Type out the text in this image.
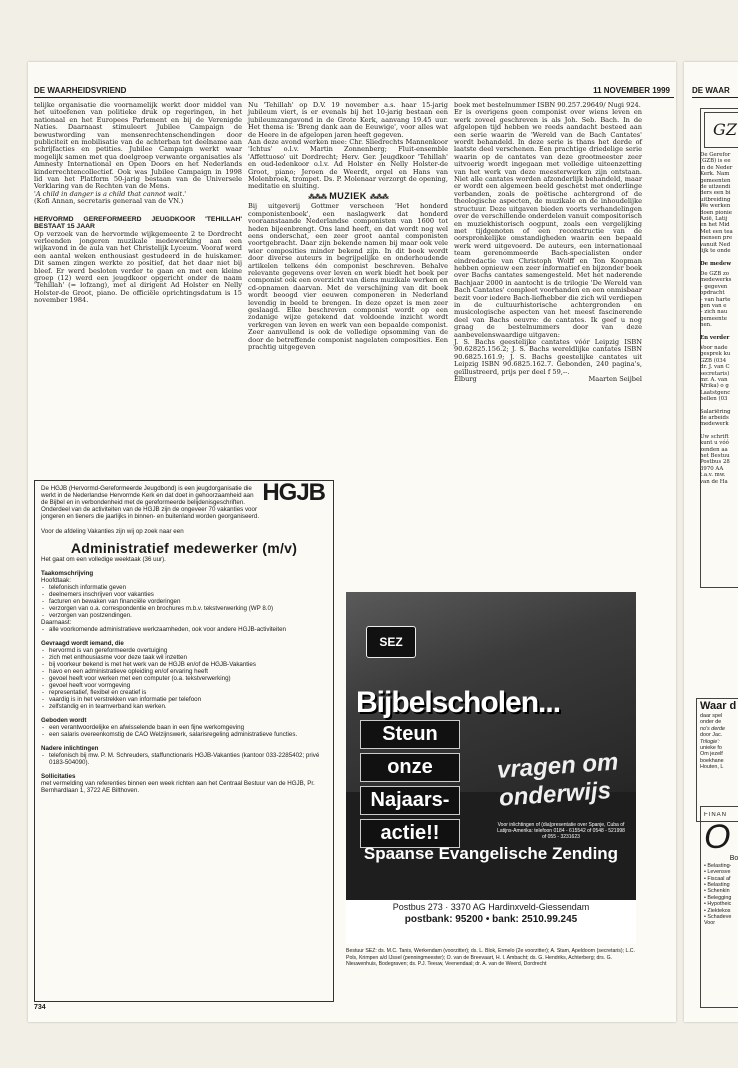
DE WAARHEIDSVRIEND	11 NOVEMBER 1999

telijke organisatie die voornamelijk werkt door middel van het uitoefenen van politieke druk op regeringen, in het nationaal en het Europees Parlement en bij de Verenigde Naties. Daarnaast stimuleert Jubilee Campaign de bewustwording van mensenrechtenschendingen door publiciteit en mobilisatie van de achterban tot deelname aan schrijfacties en petities. Jubilee Campaign werkt waar mogelijk samen met qua doelgroep verwante organisaties als Amnesty International en Open Doors en het Nederlands kinderrechtencollectief. Ook was Jubilee Campaign in 1998 lid van het Platform 50-jarig bestaan van de Universele Verklaring van de Rechten van de Mens.

'A child in danger is a child that cannot wait.'

(Kofi Annan, secretaris generaal van de VN.)

HERVORMD GEREFORMEERD JEUGDKOOR 'TEHILLAH' BESTAAT 15 JAAR

Op verzoek van de hervormde wijkgemeente 2 te Dordrecht verleenden jongeren muzikale medewerking aan een wijkavond in de aula van het Christelijk Lyceum. Vooraf werd een aantal weken enthousiast gestudeerd in de huiskamer. Dit samen zingen werkte zo positief, dat het daar niet bij bleef. Er werd besloten verder te gaan en met een kleine groep (12) werd een jeugdkoor opgericht onder de naam 'Tehillah' (= lofzang), met al dirigent Ad Holster en Nelly Holster-de Groot, piano. De officiële oprichtingsdatum is 15 november 1984.

Nu 'Tehillah' op D.V. 19 november a.s. haar 15-jarig jubileum viert, is er evenals bij het 10-jarig bestaan een jubileumzangavond in de Grote Kerk, aanvang 19.45 uur. Het thema is: 'Breng dank aan de Eeuwige', voor alles wat de Heere in de afgelopen jaren heeft gegeven.

Aan deze avond werken mee: Chr. Sliedrechts Mannenkoor 'Ichtus' o.l.v. Martin Zonnenberg; Fluit-ensemble 'Affettuoso' uit Dordrecht; Herv. Ger. Jeugdkoor 'Tehillah' en oud-ledenkoor o.l.v. Ad Holster en Nelly Holster-de Groot, piano; Jeroen de Weerdt, orgel en Hans van Molenbroek, trompet. Ds. P. Molenaar verzorgt de opening, meditatie en sluiting.

⁂⁂⁂ MUZIEK ⁂⁂⁂

Bij uitgeverij Gottmer verscheen 'Het honderd componistenboek', een naslagwerk dat honderd vooraanstaande Nederlandse componisten van 1600 tot heden bijeenbrengt. Ons land heeft, en dat wordt nog wel eens onderschat, een zeer groot aantal componisten voortgebracht. Daar zijn bekende namen bij maar ook vele wier composities minder bekend zijn. In dit boek wordt door diverse auteurs in begrijpelijke en onderhoudende artikelen telkens één componist beschreven. Behalve relevante gegevens over leven en werk biedt het boek per componist ook een overzicht van diens muzikale werken en cd-opnamen daarvan. Met de verschijning van dit boek wordt beoogd vier eeuwen componeren in Nederland levendig in beeld te brengen. In deze opzet is men zeer geslaagd. Elke beschreven componist wordt op een zodanige wijze getekend dat voldoende inzicht wordt verkregen van leven en werk van een bepaalde componist. Zeer aanvullend is ook de volledige opsomming van de door de betreffende componist nagelaten composities. Een prachtig uitgegeven

boek met bestelnummer ISBN 90.257.29649/ Nugi 924.

Er is overigens geen componist over wiens leven en werk zoveel geschreven is als Joh. Seb. Bach. In de afgelopen tijd hebben we reeds aandacht besteed aan een serie waarin de 'Wereld van de Bach Cantates' wordt behandeld. In deze serie is thans het derde of laatste deel verschenen. Een prachtige driedelige serie waarin op de cantates van deze grootmeester zeer uitvoerig wordt ingegaan met volledige uiteenzetting van het werk van deze meesterwerken zijn ontstaan. Niet alle cantates worden afzonderlijk behandeld, maar er wordt een algemeen beeld geschetst met onderlinge verbanden, zoals de poëtische achtergrond of de theologische aspecten, de muzikale en de inhoudelijke structuur. Deze uitgaven bieden voorts verhandelingen over de verschillende onderdelen vanuit compositorisch en muziekhistorisch oogpunt, zoals een vergelijking met tijdgenoten of een reconstructie van de oorspronkelijke omstandigheden waarin een bepaald werk werd uitgevoerd. De auteurs, een internationaal team gerenommeerde Bach-specialisten onder eindredactie van Christoph Wolff en Ton Koopman hebben opnieuw een zeer informatief en bijzonder boek over Bachs cantates samengesteld. Met het naderende Bachjaar 2000 in aantocht is de trilogie 'De Wereld van Bach Cantates' compleet voorhanden en een onmisbaar bezit voor iedere Bach-liefhebber die zich wil verdiepen in de cultuurhistorische achtergronden en musicologische aspecten van het meest fascinerende deel van Bachs oeuvre: de cantates. Ik geef u nog graag de bestelnummers door van deze aanbevelenswaardige uitgaven:

J. S. Bachs geestelijke cantates vóór Leipzig ISBN 90.62825.156.2; J. S. Bachs wereldlijke cantates ISBN 90.6825.161.9; J. S. Bachs geestelijke cantates uit Leipzig ISBN 90.6825.162.7. Gebonden, 240 pagina's, geïllustreerd, prijs per deel f 59,--.

Elburg	Maarten Seijbel
HGJB
De HGJB (Hervormd-Gereformeerde Jeugdbond) is een jeugdorganisatie die werkt in de Nederlandse Hervormde Kerk en dat doet in gehoorzaamheid aan de Bijbel en in verbondenheid met de gereformeerde belijdenisgeschriften. Onderdeel van de activiteiten van de HGJB zijn de ongeveer 70 vakanties voor jongeren en tieners die jaarlijks in binnen- en buitenland worden georganiseerd.
Voor de afdeling Vakanties zijn wij op zoek naar een
Administratief medewerker (m/v)
Het gaat om een volledige weektaak (36 uur).
Taakomschrijving
Hoofdtaak:
- telefonisch informatie geven
- deelnemers inschrijven voor vakanties
- facturen en bewaken van financiële vorderingen
- verzorgen van o.a. correspondentie en brochures m.b.v. tekstverwerking (WP 8.0)
- verzorgen van postzendingen.
Daarnaast:
- alle voorkomende administratieve werkzaamheden, ook voor andere HGJB-activiteiten
Gevraagd wordt iemand, die
- hervormd is van gereformeerde overtuiging
- zich met enthousiasme voor deze taak wil inzetten
- bij voorkeur bekend is met het werk van de HGJB en/of de HGJB-Vakanties
- havo en een administratieve opleiding en/of ervaring heeft
- gevoel heeft voor werken met een computer (o.a. tekstverwerking)
- gevoel heeft voor vormgeving
- representatief, flexibel en creatief is
- vaardig is in het verstrekken van informatie per telefoon
- zelfstandig en in teamverband kan werken.
Geboden wordt
- een verantwoordelijke en afwisselende baan in een fijne werkomgeving
- een salaris overeenkomstig de CAO Welzijnswerk, salarisregeling administratieve functies.
Nadere inlichtingen
- telefonisch bij mw. P. M. Schreuders, staffunctionaris HGJB-Vakanties (kantoor 033-2285402; privé 0183-504090).
Sollicitaties
met vermelding van referenties binnen een week richten aan het Centraal Bestuur van de HGJB, Pr. Bernhardlaan 1, 3722 AE Bilthoven.
SEZ
Bijbelscholen...
Steun
onze
Najaars-
actie!!
vragen om onderwijs
Voor inlichtingen of (dia)presentatie over Spanje, Cuba of Latijns-Amerika: telefoon 0184 - 615542 of 0548 - 521998 of 055 - 3231623
Spaanse Evangelische Zending
Postbus 273 · 3370 AG Hardinxveld-Giessendam
postbank: 95200 • bank: 2510.99.245
Bestuur SEZ: ds. M.C. Tanis, Werkendam (voorzitter); ds. L. Blok, Ermelo (2e voorzitter); A. Stam, Apeldoorn (secretaris); L.C. Pols, Krimpen a/d IJssel (penningmeester); O. van de Breevaart, H. I. Ambacht; ds. G. Hendriks, Achterberg; drs. G. Nieuwenhuis, Bodegraven; ds. P.J. Teeuw, Veenendaal; dr. A. van de Weerd, Dordrecht
734
DE WAAR
GZ
De Gerefor
(GZB) is ee
in de Neder
Kerk. Nam
gemeenten
de uitzendi
ders een bi
uitbreiding
We werken
doen pionie
Azië, Latij
en het Mid
Met een tea
mensen pre
vanuit Ned
lijk te onde
De medew
De GZB zo
medewerks
– gegeven
opdracht
– van harte
gen van e
– zich nau
gemeente
nen.
En verder
Voor nade
gesprek ku
GZB (034
dr. J. van C
secretaris)
mr. A. van
Afrika) o g
Laatstgenc
bellen (03
Salariëring
de arbeids
medewerk
Uw schrift
kunt u vóó
zenden aa
het Bestuu
Postbus 28
3970 AA
t.a.v. mw.
van de Ha
Waar d
daar spel
onder de
no's derde
door Jac.
Trilogie':
unieke fo
Om jezelf
boekhane
Houten, L
FINAN
O
Bo
• Belasting-
• Levensve
• Fiscaal af
• Belasting
• Schenkin
• Belegging
• Hypotheic
• Ziektekos
• Schadeve
Voor
